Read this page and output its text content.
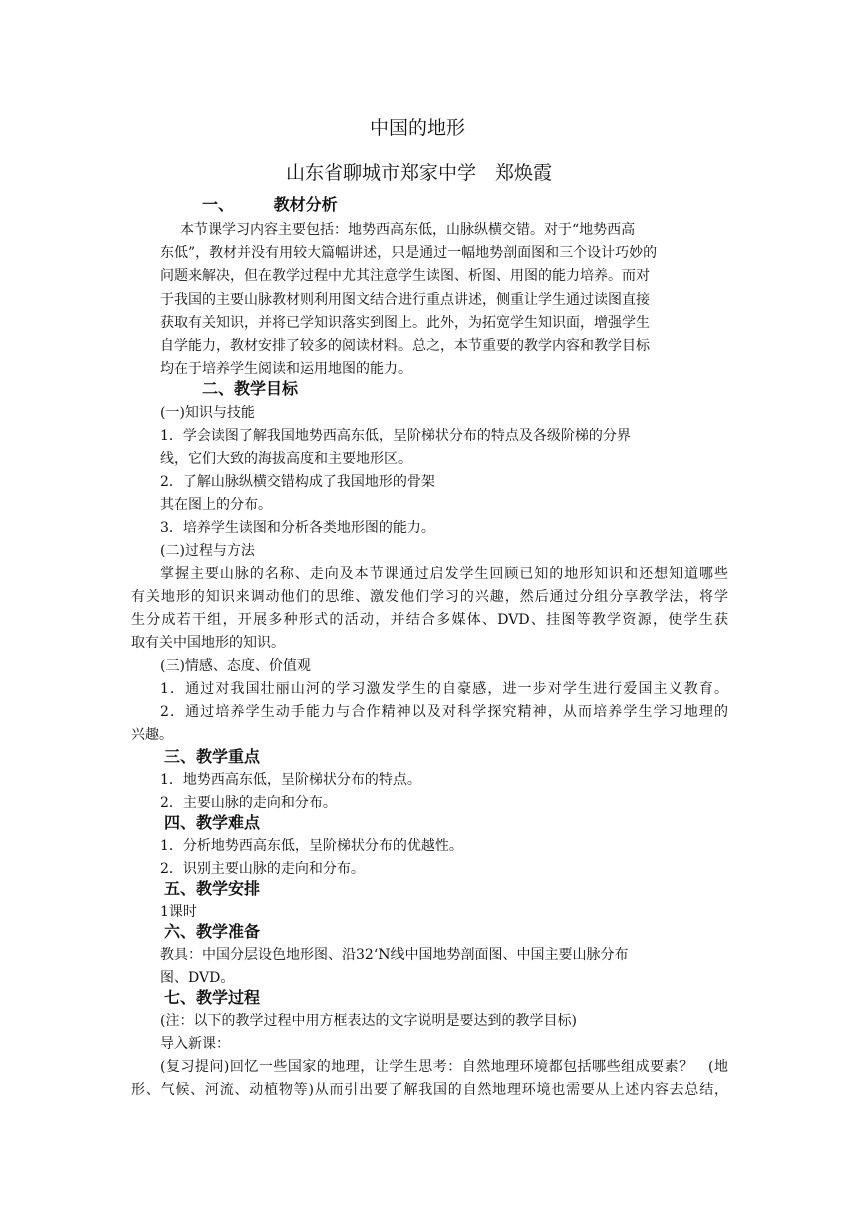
中国的地形
山东省聊城市郑家中学　郑焕霞
一、 教材分析
本节课学习内容主要包括：地势西高东低，山脉纵横交错。对于“地势西高
东低”，教材并没有用较大篇幅讲述，只是通过一幅地势剖面图和三个设计巧妙的
问题来解决，但在教学过程中尤其注意学生读图、析图、用图的能力培养。而对
于我国的主要山脉教材则利用图文结合进行重点讲述，侧重让学生通过读图直接
获取有关知识，并将已学知识落实到图上。此外，为拓宽学生知识面，增强学生
自学能力，教材安排了较多的阅读材料。总之，本节重要的教学内容和教学目标
均在于培养学生阅读和运用地图的能力。
二、教学目标
(一)知识与技能
1．学会读图了解我国地势西高东低，呈阶梯状分布的特点及各级阶梯的分界
线，它们大致的海拔高度和主要地形区。
2．了解山脉纵横交错构成了我国地形的骨架
其在图上的分布。
3．培养学生读图和分析各类地形图的能力。
(二)过程与方法
掌握主要山脉的名称、走向及本节课通过启发学生回顾已知的地形知识和还想知道哪些
有关地形的知识来调动他们的思维、激发他们学习的兴趣，然后通过分组分享教学法，将学
生分成若干组，开展多种形式的活动，并结合多媒体、DVD、挂图等教学资源，使学生获
取有关中国地形的知识。
(三)情感、态度、价值观
1．通过对我国壮丽山河的学习激发学生的自豪感，进一步对学生进行爱国主义教育。
2．通过培养学生动手能力与合作精神以及对科学探究精神，从而培养学生学习地理的
兴趣。
三、教学重点
1．地势西高东低，呈阶梯状分布的特点。
2．主要山脉的走向和分布。
四、教学难点
1．分析地势西高东低，呈阶梯状分布的优越性。
2．识别主要山脉的走向和分布。
五、教学安排
1课时
六、教学准备
教具：中国分层设色地形图、沿32‘N线中国地势剖面图、中国主要山脉分布
图、DVD。
七、教学过程
(注：以下的教学过程中用方框表达的文字说明是要达到的教学目标)
导入新课：
(复习提问)回忆一些国家的地理，让学生思考：自然地理环境都包括哪些组成要素？　(地
形、气候、河流、动植物等)从而引出要了解我国的自然地理环境也需要从上述内容去总结，
